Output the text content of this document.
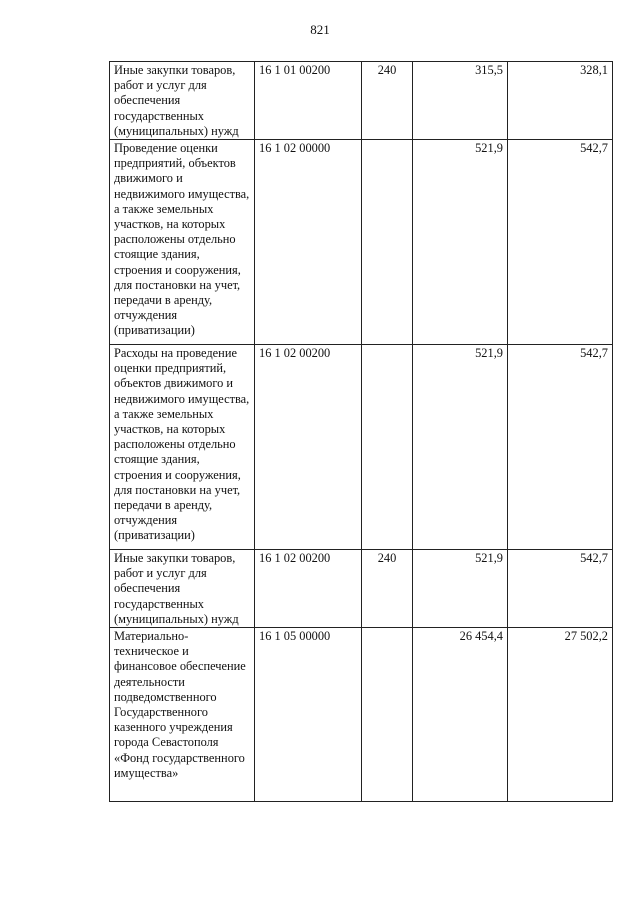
821
Иные закупки товаров, работ и услуг для обеспечения государственных (муниципальных) нужд	16 1 01 00200	240	315,5	328,1
Проведение оценки предприятий, объектов движимого и недвижимого имущества, а также земельных участков, на которых расположены отдельно стоящие здания, строения и сооружения, для постановки на учет, передачи в аренду, отчуждения (приватизации)	16 1 02 00000		521,9	542,7
Расходы на проведение оценки предприятий, объектов движимого и недвижимого имущества, а также земельных участков, на которых расположены отдельно стоящие здания, строения и сооружения, для постановки на учет, передачи в аренду, отчуждения (приватизации)	16 1 02 00200		521,9	542,7
Иные закупки товаров, работ и услуг для обеспечения государственных (муниципальных) нужд	16 1 02 00200	240	521,9	542,7
Материально-техническое и финансовое обеспечение деятельности подведомственного Государственного казенного учреждения города Севастополя «Фонд государственного имущества»	16 1 05 00000		26 454,4	27 502,2
